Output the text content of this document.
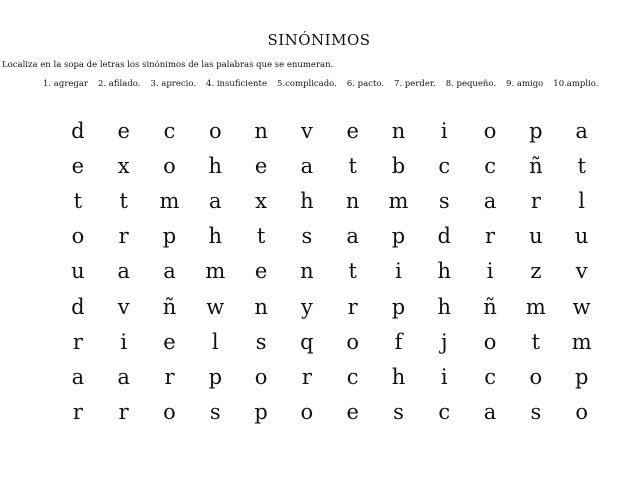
SINÓNIMOS
Localiza en la sopa de letras los sinónimos de las palabras que se enumeran.
1. agregar 2. afilado. 3. aprecio. 4. insuficiente 5.complicado. 6. pacto. 7. perder. 8. pequeño. 9. amigo 10.amplio.
d	e	c	o	n	v	e	n	i	o	p	a
e	x	o	h	e	a	t	b	c	c	ñ	t
t	t	m	a	x	h	n	m	s	a	r	l
o	r	p	h	t	s	a	p	d	r	u	u
u	a	a	m	e	n	t	i	h	i	z	v
d	v	ñ	w	n	y	r	p	h	ñ	m	w
r	i	e	l	s	q	o	f	j	o	t	m
a	a	r	p	o	r	c	h	i	c	o	p
r	r	o	s	p	o	e	s	c	a	s	o
